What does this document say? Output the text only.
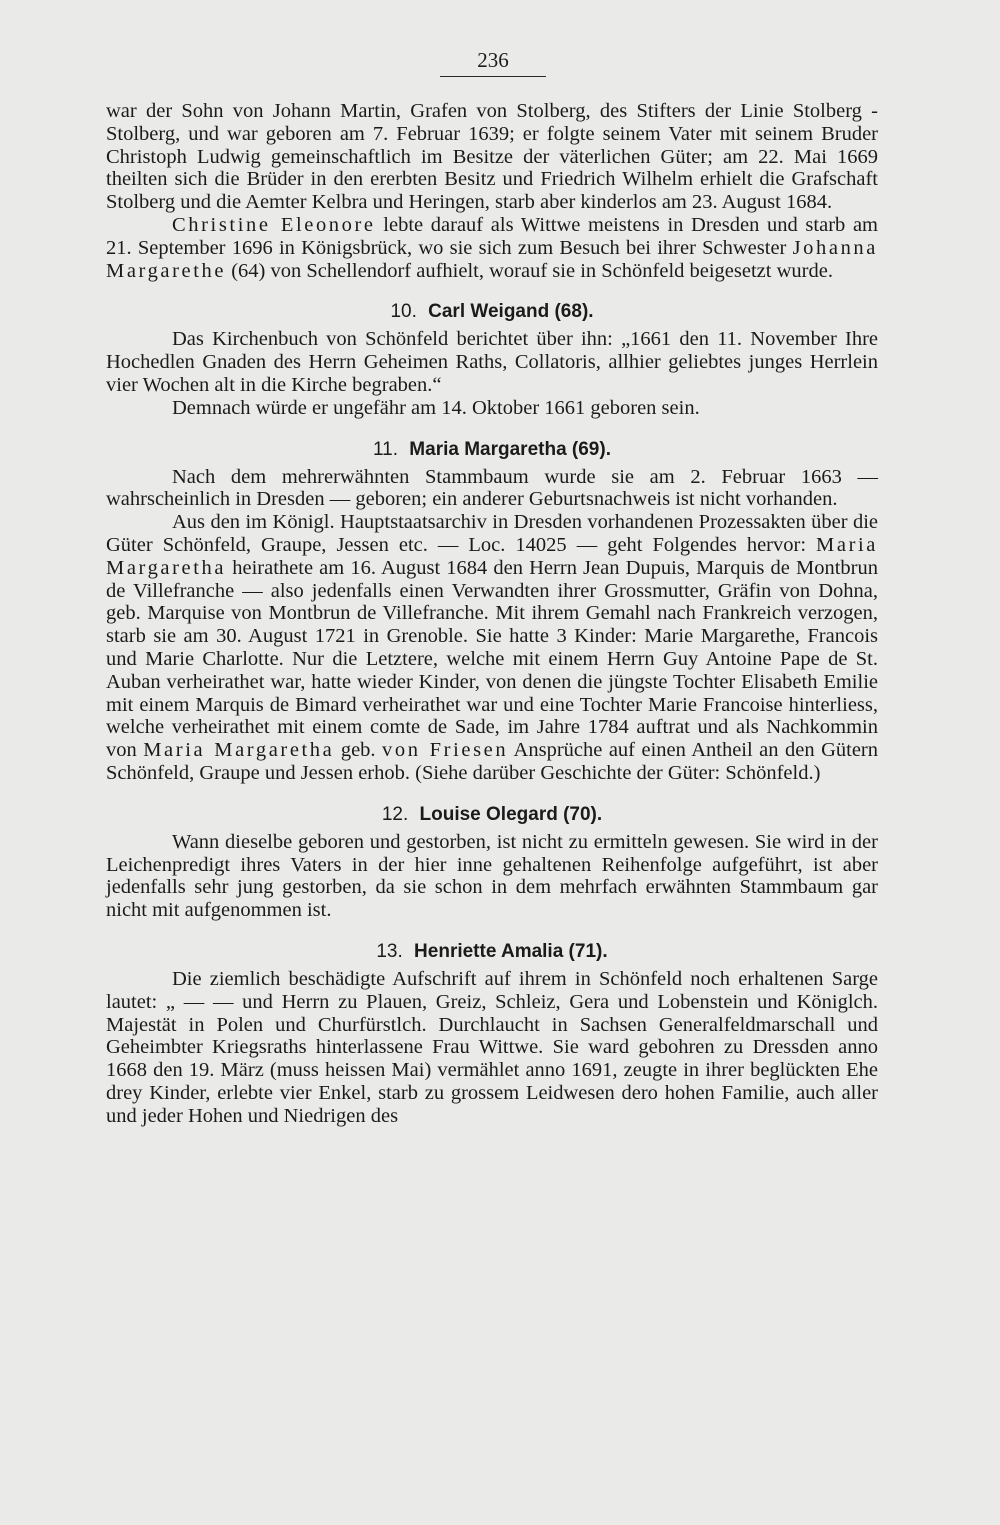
236

war der Sohn von Johann Martin, Grafen von Stolberg, des Stifters der Linie Stolberg - Stolberg, und war geboren am 7. Februar 1639; er folgte seinem Vater mit seinem Bruder Christoph Ludwig gemeinschaftlich im Besitze der väterlichen Güter; am 22. Mai 1669 theilten sich die Brüder in den ererbten Besitz und Friedrich Wilhelm erhielt die Grafschaft Stolberg und die Aemter Kelbra und Heringen, starb aber kinderlos am 23. August 1684.

Christine Eleonore lebte darauf als Wittwe meistens in Dresden und starb am 21. September 1696 in Königsbrück, wo sie sich zum Besuch bei ihrer Schwester Johanna Margarethe (64) von Schellendorf aufhielt, worauf sie in Schönfeld beigesetzt wurde.

10. Carl Weigand (68).

Das Kirchenbuch von Schönfeld berichtet über ihn: „1661 den 11. November Ihre Hochedlen Gnaden des Herrn Geheimen Raths, Collatoris, allhier geliebtes junges Herrlein vier Wochen alt in die Kirche begraben.“

Demnach würde er ungefähr am 14. Oktober 1661 geboren sein.

11. Maria Margaretha (69).

Nach dem mehrerwähnten Stammbaum wurde sie am 2. Februar 1663 — wahrscheinlich in Dresden — geboren; ein anderer Geburtsnachweis ist nicht vorhanden.

Aus den im Königl. Hauptstaatsarchiv in Dresden vorhandenen Prozessakten über die Güter Schönfeld, Graupe, Jessen etc. — Loc. 14025 — geht Folgendes hervor: Maria Margaretha heirathete am 16. August 1684 den Herrn Jean Dupuis, Marquis de Montbrun de Villefranche — also jedenfalls einen Verwandten ihrer Grossmutter, Gräfin von Dohna, geb. Marquise von Montbrun de Villefranche. Mit ihrem Gemahl nach Frankreich verzogen, starb sie am 30. August 1721 in Grenoble. Sie hatte 3 Kinder: Marie Margarethe, Francois und Marie Charlotte. Nur die Letztere, welche mit einem Herrn Guy Antoine Pape de St. Auban verheirathet war, hatte wieder Kinder, von denen die jüngste Tochter Elisabeth Emilie mit einem Marquis de Bimard verheirathet war und eine Tochter Marie Francoise hinterliess, welche verheirathet mit einem comte de Sade, im Jahre 1784 auftrat und als Nachkommin von Maria Margaretha geb. von Friesen Ansprüche auf einen Antheil an den Gütern Schönfeld, Graupe und Jessen erhob. (Siehe darüber Geschichte der Güter: Schönfeld.)

12. Louise Olegard (70).

Wann dieselbe geboren und gestorben, ist nicht zu ermitteln gewesen. Sie wird in der Leichenpredigt ihres Vaters in der hier inne gehaltenen Reihenfolge aufgeführt, ist aber jedenfalls sehr jung gestorben, da sie schon in dem mehrfach erwähnten Stammbaum gar nicht mit aufgenommen ist.

13. Henriette Amalia (71).

Die ziemlich beschädigte Aufschrift auf ihrem in Schönfeld noch erhaltenen Sarge lautet: „ — — und Herrn zu Plauen, Greiz, Schleiz, Gera und Lobenstein und Königlch. Majestät in Polen und Churfürstlch. Durchlaucht in Sachsen Generalfeldmarschall und Geheimbter Kriegsraths hinterlassene Frau Wittwe. Sie ward gebohren zu Dressden anno 1668 den 19. März (muss heissen Mai) vermählet anno 1691, zeugte in ihrer beglückten Ehe drey Kinder, erlebte vier Enkel, starb zu grossem Leidwesen dero hohen Familie, auch aller und jeder Hohen und Niedrigen des
